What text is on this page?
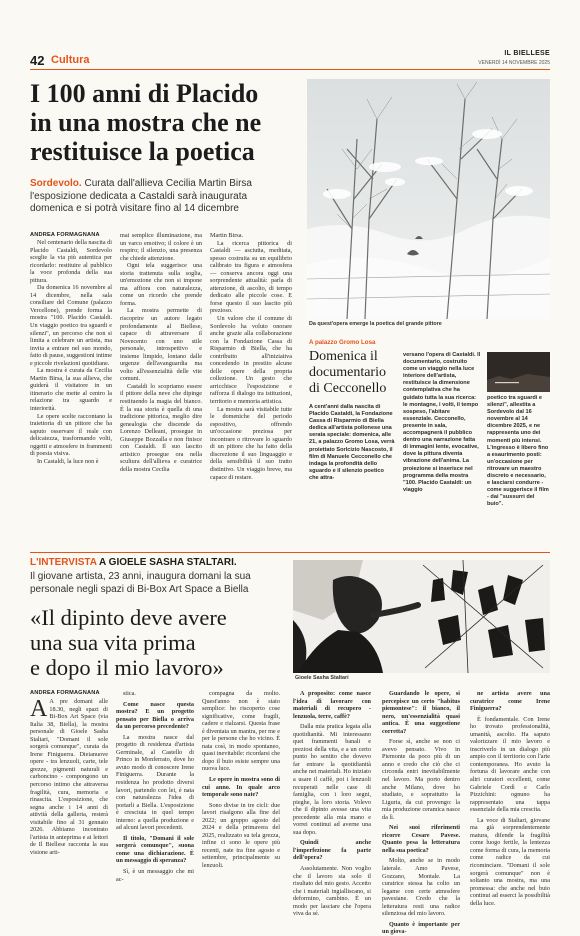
42 Cultura
IL BIELLESE
VENERDÌ 14 NOVEMBRE 2025
I 100 anni di Placido
in una mostra che ne
restituisce la poetica
Sordevolo. Curata dall'allieva Cecilia Martin Birsa
l'esposizione dedicata a Castaldi sarà inaugurata
domenica e si potrà visitare fino al 14 dicembre
ANDREA FORMAGNANA

Nel centenario della nascita di Placido Castaldi, Sordevolo sceglie la via più autentica per ricordarlo: restituire al pubblico la voce profonda della sua pittura.

Da domenica 16 novembre al 14 dicembre, nella sala consiliare del Comune (palazzo Vercellone), prende forma la mostra "100. Placido Castaldi. Un viaggio poetico tra sguardi e silenzi", un percorso che non si limita a celebrare un artista, ma invita a entrare nel suo mondo, fatto di pause, suggestioni intime e piccole rivelazioni quotidiane.

La mostra è curata da Cecilia Martin Birsa, la sua allieva, che guiderà il visitatore in un itinerario che mette al centro la relazione tra sguardo e interiorità.

Le opere scelte raccontano la traiettoria di un pittore che ha saputo osservare il reale con delicatezza, trasformando volti, oggetti e atmosfere in frammenti di poesia visiva.

In Castaldi, la luce non è

mai semplice illuminazione, ma un varco emotivo; il colore è un respiro; il silenzio, una presenza che chiede attenzione.

Ogni tela suggerisce una storia trattenuta sulla soglia, un'emozione che non si impone ma affiora con naturalezza, come un ricordo che prende forma.

La mostra permette di riscoprire un autore legato profondamente al Biellese, capace di attraversare il Novecento con uno stile personale, introspettivo e insieme limpido, lontano dalle urgenze dell'avanguardia ma volto all'essenzialità delle vite comuni.

Castaldi lo scopriamo essere il pittore della neve che dipinge restituendo la magia del bianco. È la sua storia è quella di una tradizione pittorica, meglio dire genealogia che discende da Lorenzo Delleani, prosegue in Giuseppe Bozzalla e non finisce con Castaldi. Il suo lascito artistico prosegue ora nella scultura dell'allieva e curatrice della mostra Cecilia

Martin Birsa.

La ricerca pittorica di Castaldi — asciutta, meditata, spesso costruita su un equilibrio calibrato tra figura e atmosfera — conserva ancora oggi una sorprendente attualità: parla di attenzione, di ascolto, di tempo dedicato alle piccole cose. E forse questo il suo lascito più prezioso.

Un valore che il comune di Sordevolo ha voluto onorare anche grazie alla collaborazione con la Fondazione Cassa di Risparmio di Biella, che ha contribuito all'iniziativa concedendo in prestito alcune delle opere della propria collezione. Un gesto che arricchisce l'esposizione e rafforza il dialogo tra istituzioni, territorio e memoria artistica.

La mostra sarà visitabile tutte le domeniche del periodo espositivo, offrendo un'occasione preziosa per incontrare o ritrovare lo sguardo di un pittore che ha fatto della discrezione il suo linguaggio e della sensibilità il suo tratto distintivo. Un viaggio breve, ma capace di restare.

Da quest'opera emerge la poetica del grande pittore
A palazzo Gromo Losa
Domenica il
documentario
di Cecconello
A cent'anni dalla nascita di Placido Castaldi, la Fondazione Cassa di Risparmio di Biella dedica all'artista pollonese una serata speciale: domenica, alle 21, a palazzo Gromo Losa, verrà proiettato Sorlcizio Nascosto, il film di Manuele Cecconello che indaga la profondità dello sguardo e il silenzio poetico che attra-
versano l'opera di Castaldi. Il documentario, costruito come un viaggio nella luce interiore dell'artista, restituisce la dimensione contemplativa che ha guidato tutta la sua ricerca: le montagne, i volti, il tempo sospeso, l'abitare essenziale. Cecconello, presente in sala, accompagnerà il pubblico dentro una narrazione fatta di immagini lente, evocative, dove la pittura diventa vibrazione dell'anima. La proiezione si inserisce nel programma della mostra "100. Placido Castaldi: un viaggio
poetico tra sguardi e silenzi", allestita a Sordevolo dal 16 novembre al 14 dicembre 2025, e ne rappresenta uno dei momenti più intensi. L'ingresso è libero fino a esaurimento posti: un'occasione per ritrovare un maestro discreto e necessario, e lasciarsi condurre - come suggerisce il film - dai "sussurri del buio".
L'INTERVISTA A GIOELE SASHA STALTARI.
Il giovane artista, 23 anni, inaugura domani la sua
personale negli spazi di Bi-Box Art Space a Biella
«Il dipinto deve avere
una sua vita prima
e dopo il mio lavoro»	Gioele Sasha Staltari
ANDREA FORMAGNANA
A A pre domani alle 18.30, negli spazi di Bi-Box Art Space (via Italia 38, Biella), la mostra personale di Gioele Sasha Staltari, "Domani il sole sorgerà comunque", curata da Irene Finiguerra. Dieianuove opere - tra lenzuoli, carte, tele grezze, pigmenti naturali e carboncino - compongono un percorso intimo che attraversa fragilità, cura, memoria e rinascita. L'esposizione, che segna anche i 14 anni di attività della galleria, resterà visitabile fino al 31 gennaio 2026. Abbiamo incontrato l'artista in anteprima e ai lettori de Il Biellese racconta la sua visione arti-

stica.

Come nasce questa mostra? E un progetto pensato per Biella o arriva da un percorso precedente?

La mostra nasce dal progetto di residenza d'artista Germinale, al Castello di Princo in Monferrato, dove ho avuto modo di conoscere Irene Finiguerra. Durante la residenza ho prodotto diversi lavori, partendo con lei, è nata con naturalezza l'idea di portarli a Biella. L'esposizione è cresciuta in quel tempo interno: a quella produzione e ad alcuni lavori precedenti.

Il titolo, "Domani il sole sorgerà comunque", suona come una dichiarazione. È un messaggio di speranza?

Sì, è un messaggio che mi ac-

compagna da molto. Quest'anno non è stato semplice: ho riscoperto cose significative, come fragili, cadere e rialzarsi. Questa frase è diventata un mantra, per me e per le persone che ho vicino. È nata così, in modo spontaneo, quasi inevitabile: ricordarsi che dopo il buio esiste sempre una nuova luce.

Le opere in mostra sono di cui anno. In quale arco temporale sono nate?

Sono divise in tre cicli: due lavori risalgono alla fine del 2022; un gruppo agosto del 2024 e della primavera del 2025, realizzato su tela grezza, infine ci sono le opere più recenti, nate tra fine agosto e settembre, principalmente su lenzuoli.

A proposito: come nasce l'idea di lavorare con materiali di recupero - lenzuola, terre, caffè?

Dalla mia pratica legata alla quotidianità. Mi interessano quei frammenti banali e preziosi della vita, e a un certo punto ho sentito che dovevo far entrare la quotidianità anche nei materiali. Ho iniziato a usare il caffè, poi i lenzuoli recuperati nelle case di famiglia, con i loro segni, pieghe, la loro storia. Volevo che il dipinto avesse una vita precedente alla mia mano e vorrei continui ad averne una sua dopo.

Quindi anche l'imperfezione fa parte dell'opera?

Assolutamente. Non voglio che il lavoro sia solo il risultato del mio gesto. Accetto che i materiali ingialliscano, si deformino, cambino. È un modo per lasciare che l'opera viva da sé.

Guardando le opere, si percepisce un certo "habitus piemontese": il bianco, il nero, un'essenzialità quasi antica. È una suggestione corretta?

Forse sì, anche se non ci avevo pensato. Vivo in Piemonte da poco più di un anno e credo che ciò che ci circonda entri inevitabilmente nel lavoro. Ma porto dentro anche Milano, dove ho studiato, e soprattutto la Liguria, da cui provengo: la mia produzione ceramica nasce da lì.

Nei suoi riferimenti ricorre Cesare Pavese. Quanto pesa la letteratura nella sua poetica?

Molto, anche se in modo laterale. Amo Pavese, Gozzano, Montale. La curatrice stessa ha colto un legame con certe atmosfere pavesiane. Credo che la letteratura resti una radice silenziosa del mio lavoro.

Quanto è importante per un giova-

ne artista avere una curatrice come Irene Finiguerra?

È fondamentale. Con Irene ho trovato professionalità, umanità, ascolto. Ha saputo valorizzare il mio lavoro e inscriverlo in un dialogo più ampio con il territorio con l'arte contemporanea. Ho avuto la fortuna di lavorare anche con altri curatori eccellenti, come Gabriele Cordì e Carlo Pizzichini: ognuno ha rappresentato una tappa essenziale della mia crescita.

La voce di Staltari, giovane ma già sorprendentemente matura, difende la fragilità come luogo fertile, la lentezza come forma di cura, la memoria come radice da cui ricominciare. "Domani il sole sorgerà comunque" non è soltanto una mostra, ma una promessa: che anche nel buio continui ad esserci la possibilità della luce.
